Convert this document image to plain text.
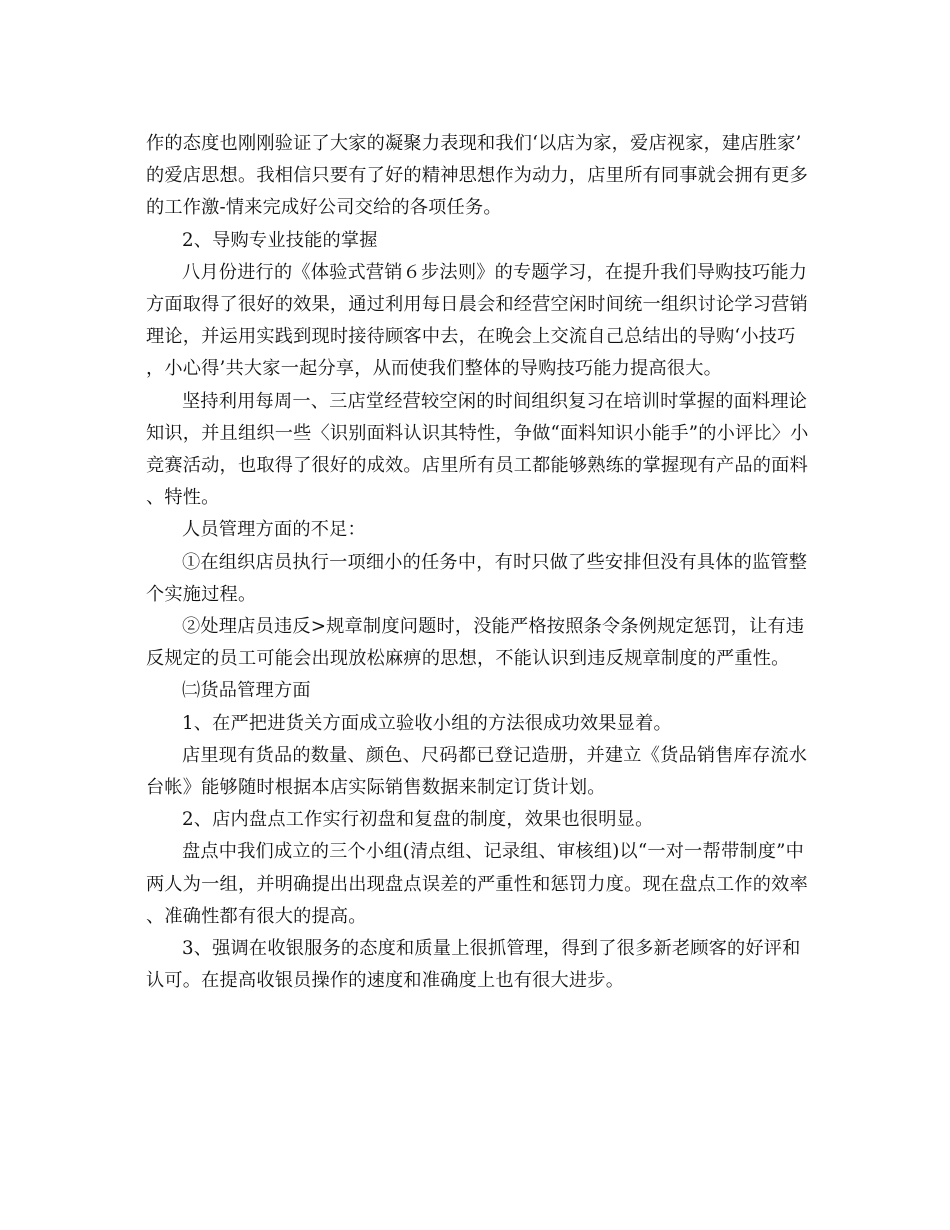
作的态度也刚刚验证了大家的凝聚力表现和我们‘以店为家，爱店视家，建店胜家’的爱店思想。我相信只要有了好的精神思想作为动力，店里所有同事就会拥有更多的工作激-情来完成好公司交给的各项任务。

2、导购专业技能的掌握

八月份进行的《体验式营销６步法则》的专题学习，在提升我们导购技巧能力方面取得了很好的效果，通过利用每日晨会和经营空闲时间统一组织讨论学习营销理论，并运用实践到现时接待顾客中去，在晚会上交流自己总结出的导购‘小技巧，小心得’共大家一起分享，从而使我们整体的导购技巧能力提高很大。

坚持利用每周一、三店堂经营较空闲的时间组织复习在培训时掌握的面料理论知识，并且组织一些〈识别面料认识其特性，争做“面料知识小能手”的小评比〉小竞赛活动，也取得了很好的成效。店里所有员工都能够熟练的掌握现有产品的面料、特性。

人员管理方面的不足：

①在组织店员执行一项细小的任务中，有时只做了些安排但没有具体的监管整个实施过程。

②处理店员违反>规章制度问题时，没能严格按照条令条例规定惩罚，让有违反规定的员工可能会出现放松麻痹的思想，不能认识到违反规章制度的严重性。

㈡货品管理方面

1、在严把进货关方面成立验收小组的方法很成功效果显着。

店里现有货品的数量、颜色、尺码都已登记造册，并建立《货品销售库存流水台帐》能够随时根据本店实际销售数据来制定订货计划。

2、店内盘点工作实行初盘和复盘的制度，效果也很明显。

盘点中我们成立的三个小组(清点组、记录组、审核组)以“一对一帮带制度”中两人为一组，并明确提出出现盘点误差的严重性和惩罚力度。现在盘点工作的效率、准确性都有很大的提高。

3、强调在收银服务的态度和质量上很抓管理，得到了很多新老顾客的好评和认可。在提高收银员操作的速度和准确度上也有很大进步。
